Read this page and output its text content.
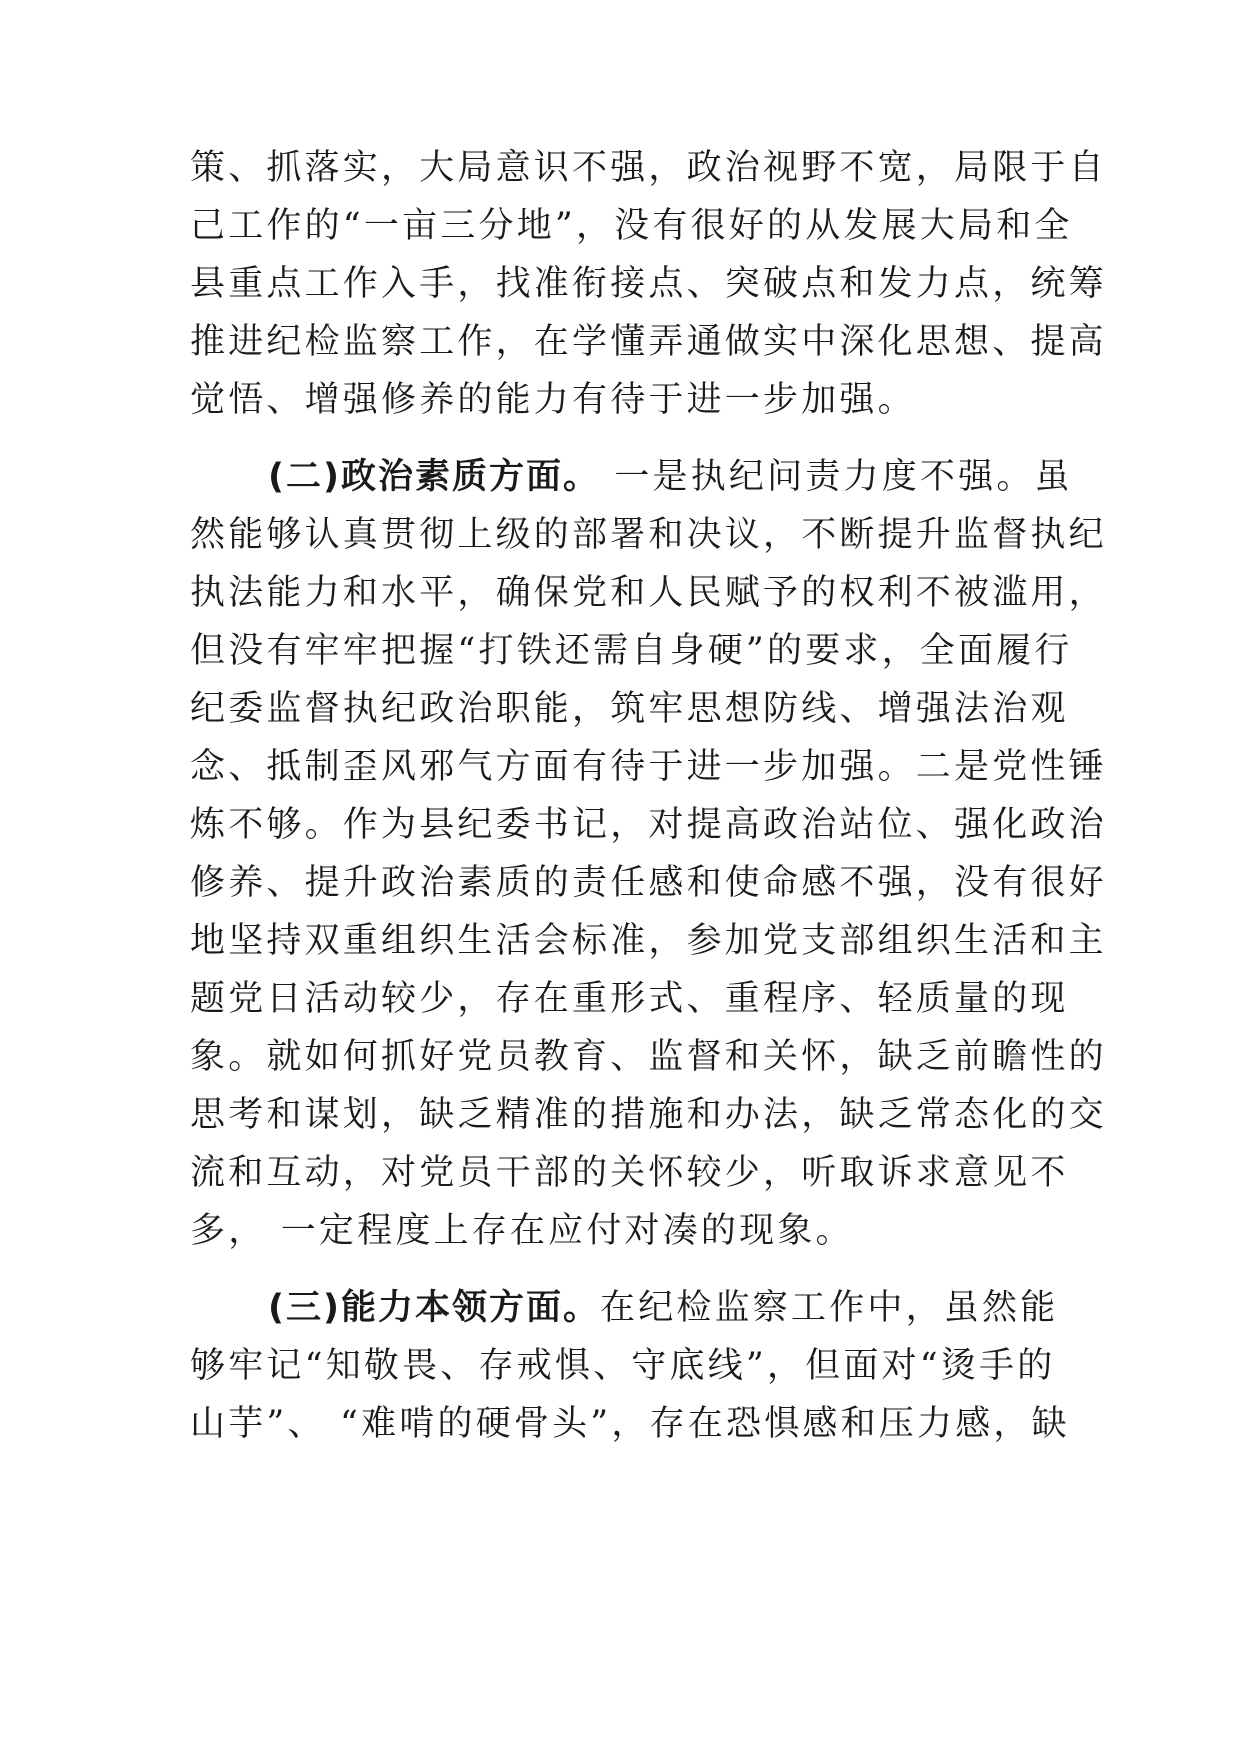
策、抓落实，大局意识不强，政治视野不宽，局限于自
己工作的“一亩三分地”，没有很好的从发展大局和全
县重点工作入手，找准衔接点、突破点和发力点，统筹
推进纪检监察工作，在学懂弄通做实中深化思想、提高
觉悟、增强修养的能力有待于进一步加强。
(二)政治素质方面。 一是执纪问责力度不强。虽
然能够认真贯彻上级的部署和决议，不断提升监督执纪
执法能力和水平，确保党和人民赋予的权利不被滥用，
但没有牢牢把握“打铁还需自身硬”的要求，全面履行
纪委监督执纪政治职能，筑牢思想防线、增强法治观
念、抵制歪风邪气方面有待于进一步加强。二是党性锤
炼不够。作为县纪委书记，对提高政治站位、强化政治
修养、提升政治素质的责任感和使命感不强，没有很好
地坚持双重组织生活会标准，参加党支部组织生活和主
题党日活动较少，存在重形式、重程序、轻质量的现
象。就如何抓好党员教育、监督和关怀，缺乏前瞻性的
思考和谋划，缺乏精准的措施和办法，缺乏常态化的交
流和互动，对党员干部的关怀较少，听取诉求意见不
多， 一定程度上存在应付对凑的现象。
(三)能力本领方面。在纪检监察工作中，虽然能
够牢记“知敬畏、存戒惧、守底线”，但面对“烫手的
山芋”、 “难啃的硬骨头”，存在恐惧感和压力感，缺
